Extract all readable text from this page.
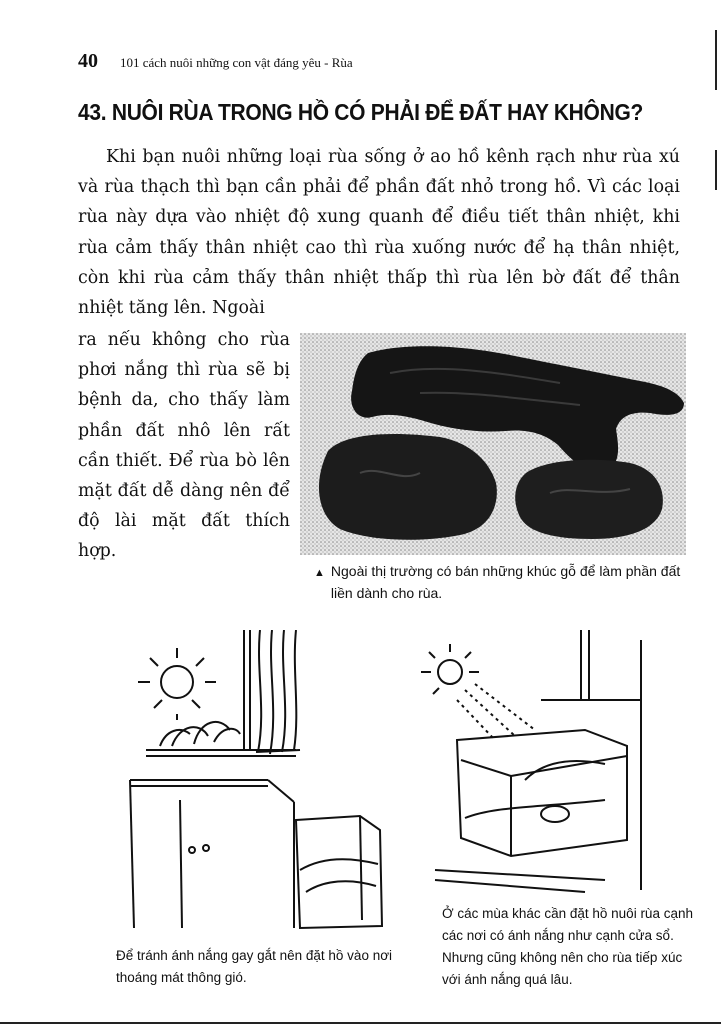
40 101 cách nuôi những con vật đáng yêu - Rùa
43. NUÔI RÙA TRONG HỒ CÓ PHẢI ĐỂ ĐẤT HAY KHÔNG?

Khi bạn nuôi những loại rùa sống ở ao hồ kênh rạch như rùa xú và rùa thạch thì bạn cần phải để phần đất nhỏ trong hồ. Vì các loại rùa này dựa vào nhiệt độ xung quanh để điều tiết thân nhiệt, khi rùa cảm thấy thân nhiệt cao thì rùa xuống nước để hạ thân nhiệt, còn khi rùa cảm thấy thân nhiệt thấp thì rùa lên bờ đất để thân nhiệt tăng lên. Ngoài

ra nếu không cho rùa phơi nắng thì rùa sẽ bị bệnh da, cho thấy làm phần đất nhô lên rất cần thiết. Để rùa bò lên mặt đất dễ dàng nên để độ lài mặt đất thích hợp.

▲ Ngoài thị trường có bán những khúc gỗ để làm phần đất liền dành cho rùa.
Để tránh ánh nắng gay gắt nên đặt hồ vào nơi thoáng mát thông gió.
Ở các mùa khác cần đặt hồ nuôi rùa cạnh các nơi có ánh nắng như cạnh cửa sổ. Nhưng cũng không nên cho rùa tiếp xúc với ánh nắng quá lâu.
